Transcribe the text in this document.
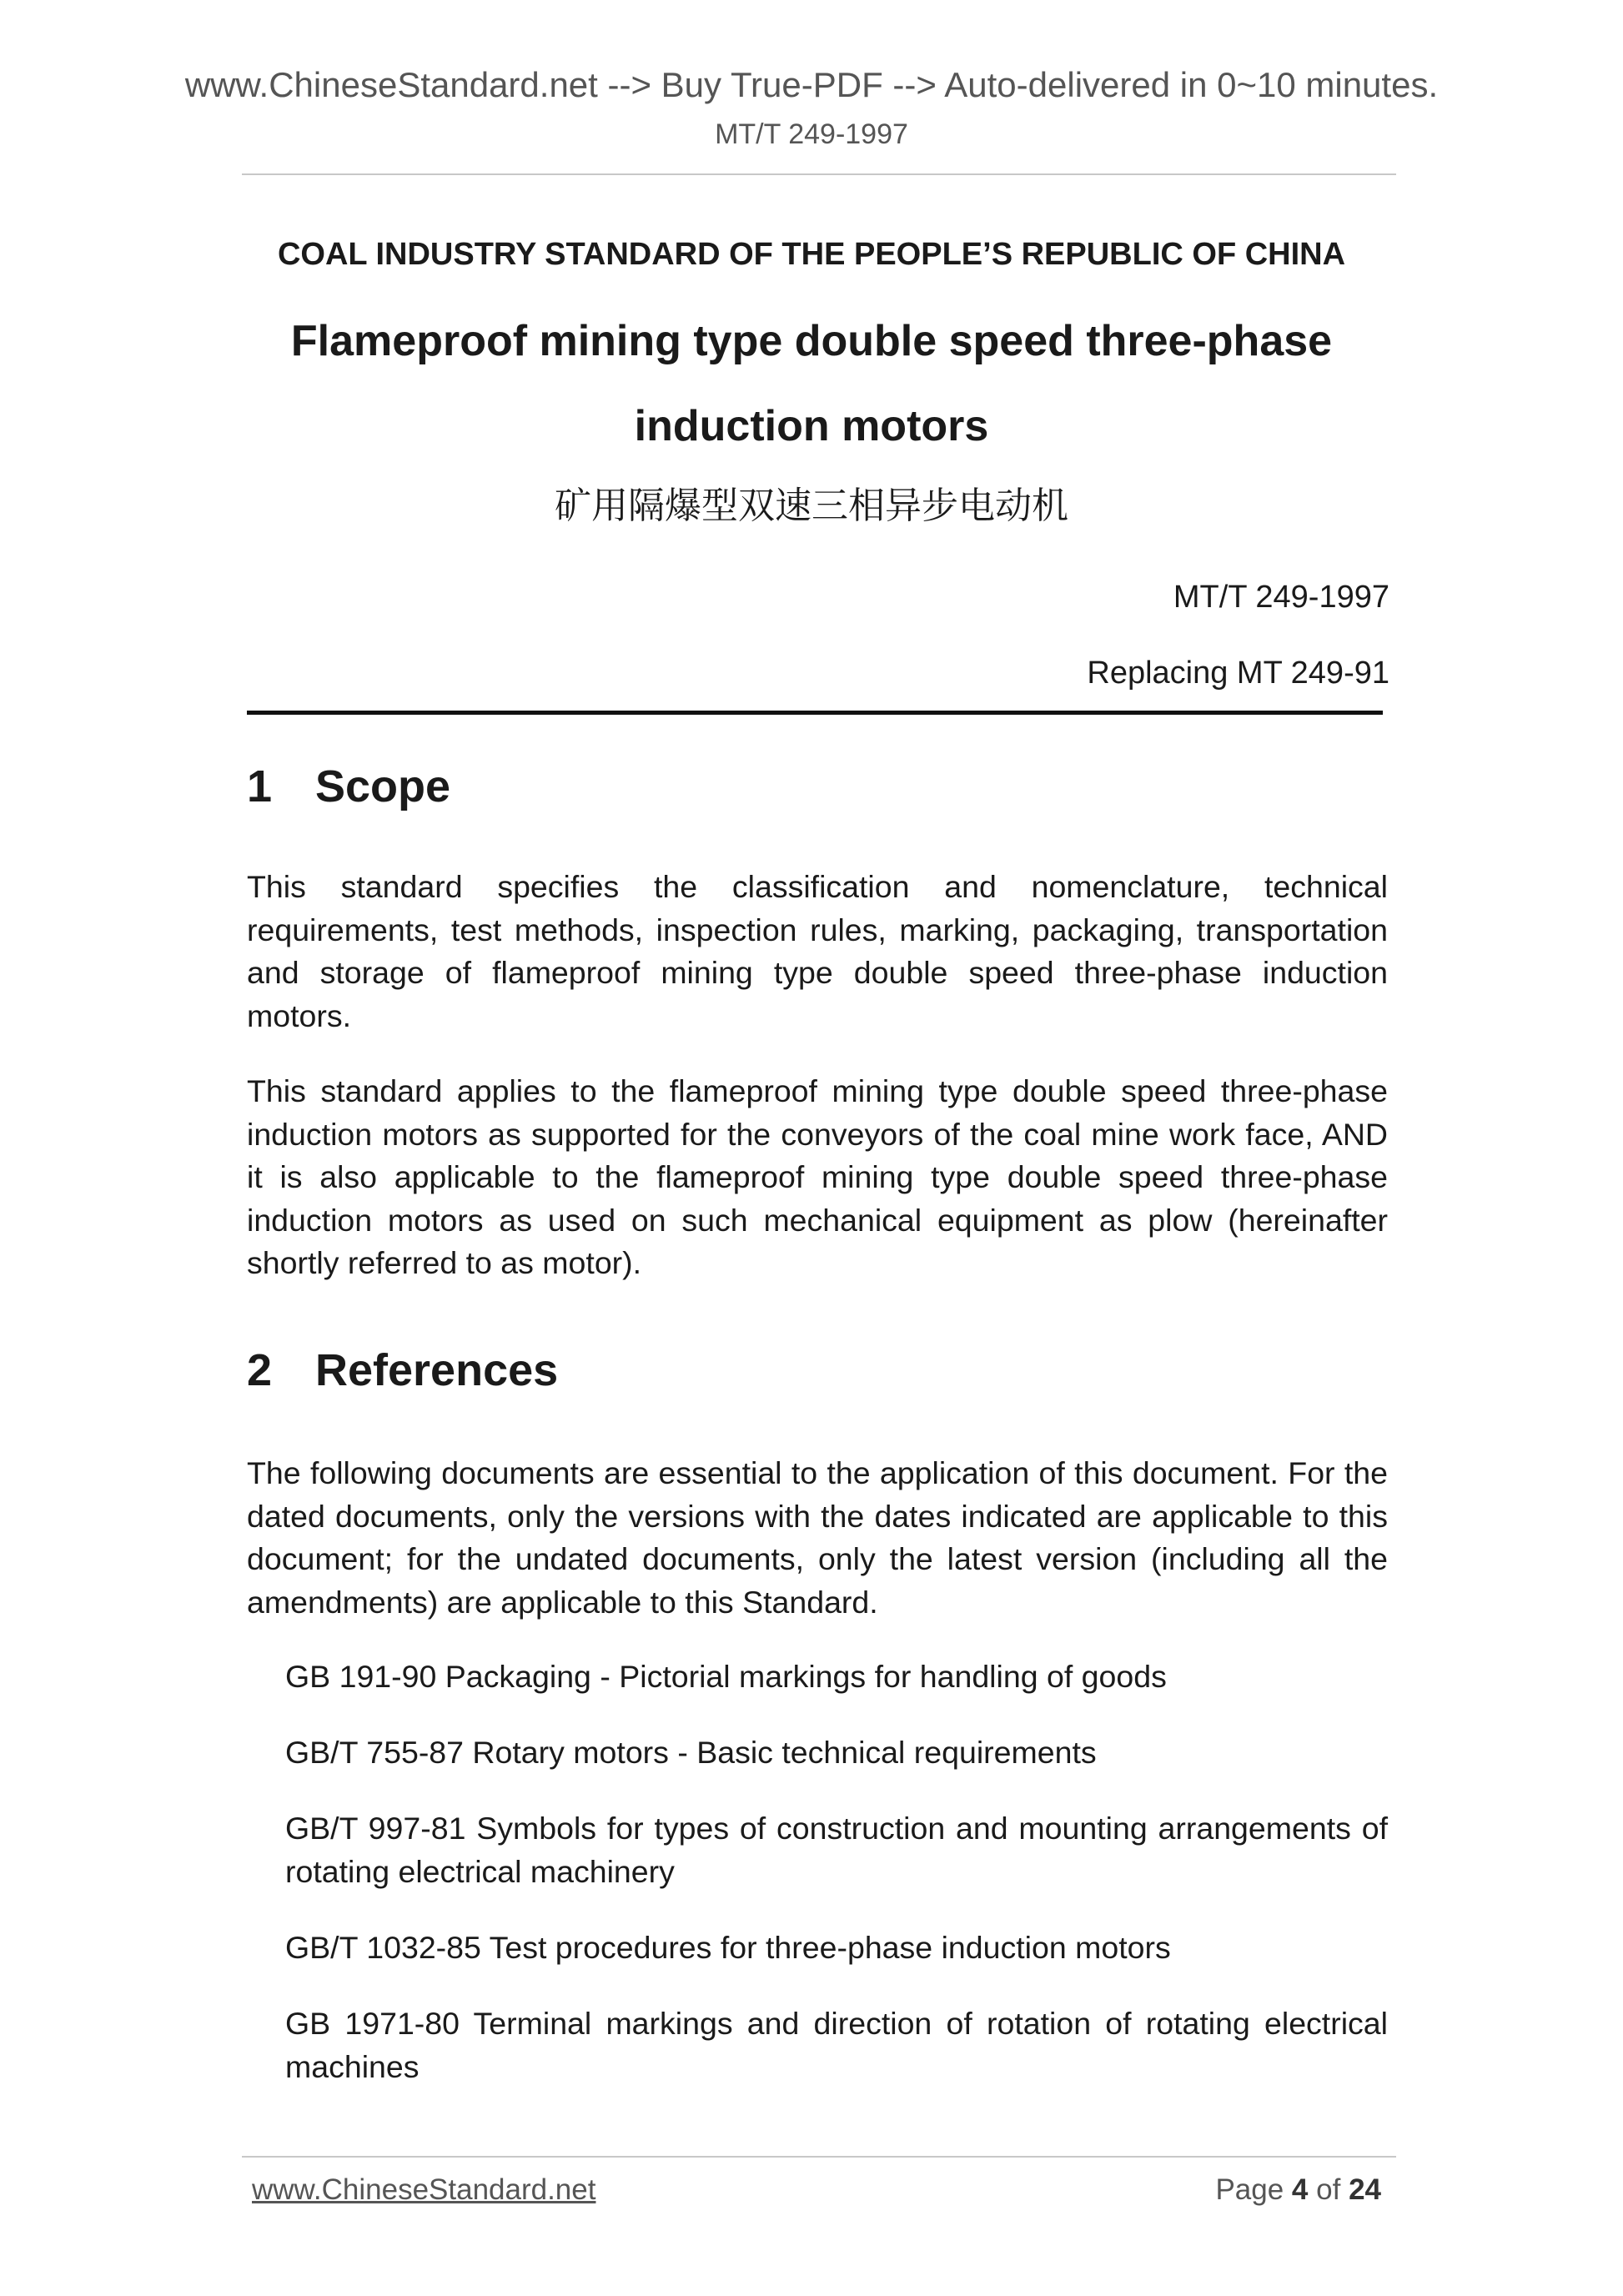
www.ChineseStandard.net --> Buy True-PDF --> Auto-delivered in 0~10 minutes.
MT/T 249-1997
COAL INDUSTRY STANDARD OF THE PEOPLE’S REPUBLIC OF CHINA
Flameproof mining type double speed three-phase
induction motors
矿用隔爆型双速三相异步电动机
MT/T 249-1997
Replacing MT 249-91
1 Scope

This standard specifies the classification and nomenclature, technical requirements, test methods, inspection rules, marking, packaging, transportation and storage of flameproof mining type double speed three-phase induction motors.

This standard applies to the flameproof mining type double speed three-phase induction motors as supported for the conveyors of the coal mine work face, AND it is also applicable to the flameproof mining type double speed three-phase induction motors as used on such mechanical equipment as plow (hereinafter shortly referred to as motor).

2 References

The following documents are essential to the application of this document. For the dated documents, only the versions with the dates indicated are applicable to this document; for the undated documents, only the latest version (including all the amendments) are applicable to this Standard.

GB 191-90 Packaging - Pictorial markings for handling of goods

GB/T 755-87 Rotary motors - Basic technical requirements

GB/T 997-81 Symbols for types of construction and mounting arrangements of rotating electrical machinery

GB/T 1032-85 Test procedures for three-phase induction motors

GB 1971-80 Terminal markings and direction of rotation of rotating electrical machines

www.ChineseStandard.net	Page 4 of 24
